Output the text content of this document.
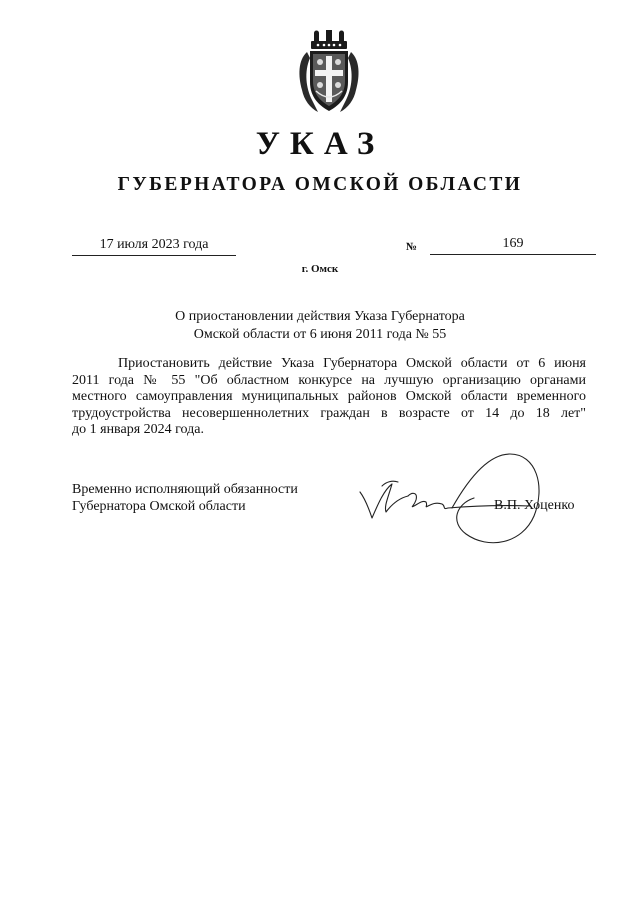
УКАЗ
ГУБЕРНАТОРА ОМСКОЙ ОБЛАСТИ
17 июля 2023 года	№	169
г. Омск
О приостановлении действия Указа Губернатора
Омской области от 6 июня 2011 года № 55
Приостановить действие Указа Губернатора Омской области от 6 июня
2011 года № 55 "Об областном конкурсе на лучшую организацию органами
местного самоуправления муниципальных районов Омской области временного
трудоустройства несовершеннолетних граждан в возрасте от 14 до 18 лет"
до 1 января 2024 года.
Временно исполняющий обязанности
Губернатора Омской области	В.П. Хоценко
